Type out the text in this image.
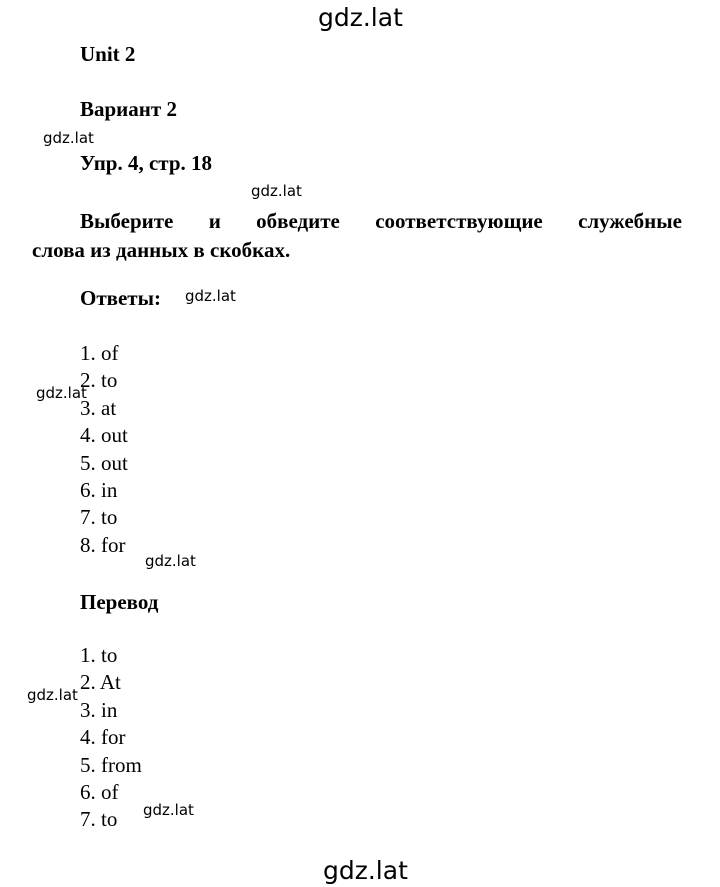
gdz.lat
gdz.lat
gdz.lat
gdz.lat
gdz.lat
gdz.lat
gdz.lat
gdz.lat
gdz.lat
Unit 2
Вариант 2
Упр. 4, стр. 18
Выберите и обведите соответствующие служебные
слова из данных в скобках.
Ответы:
1. of
2. to
3. at
4. out
5. out
6. in
7. to
8. for
Перевод
1. to
2. At
3. in
4. for
5. from
6. of
7. to
